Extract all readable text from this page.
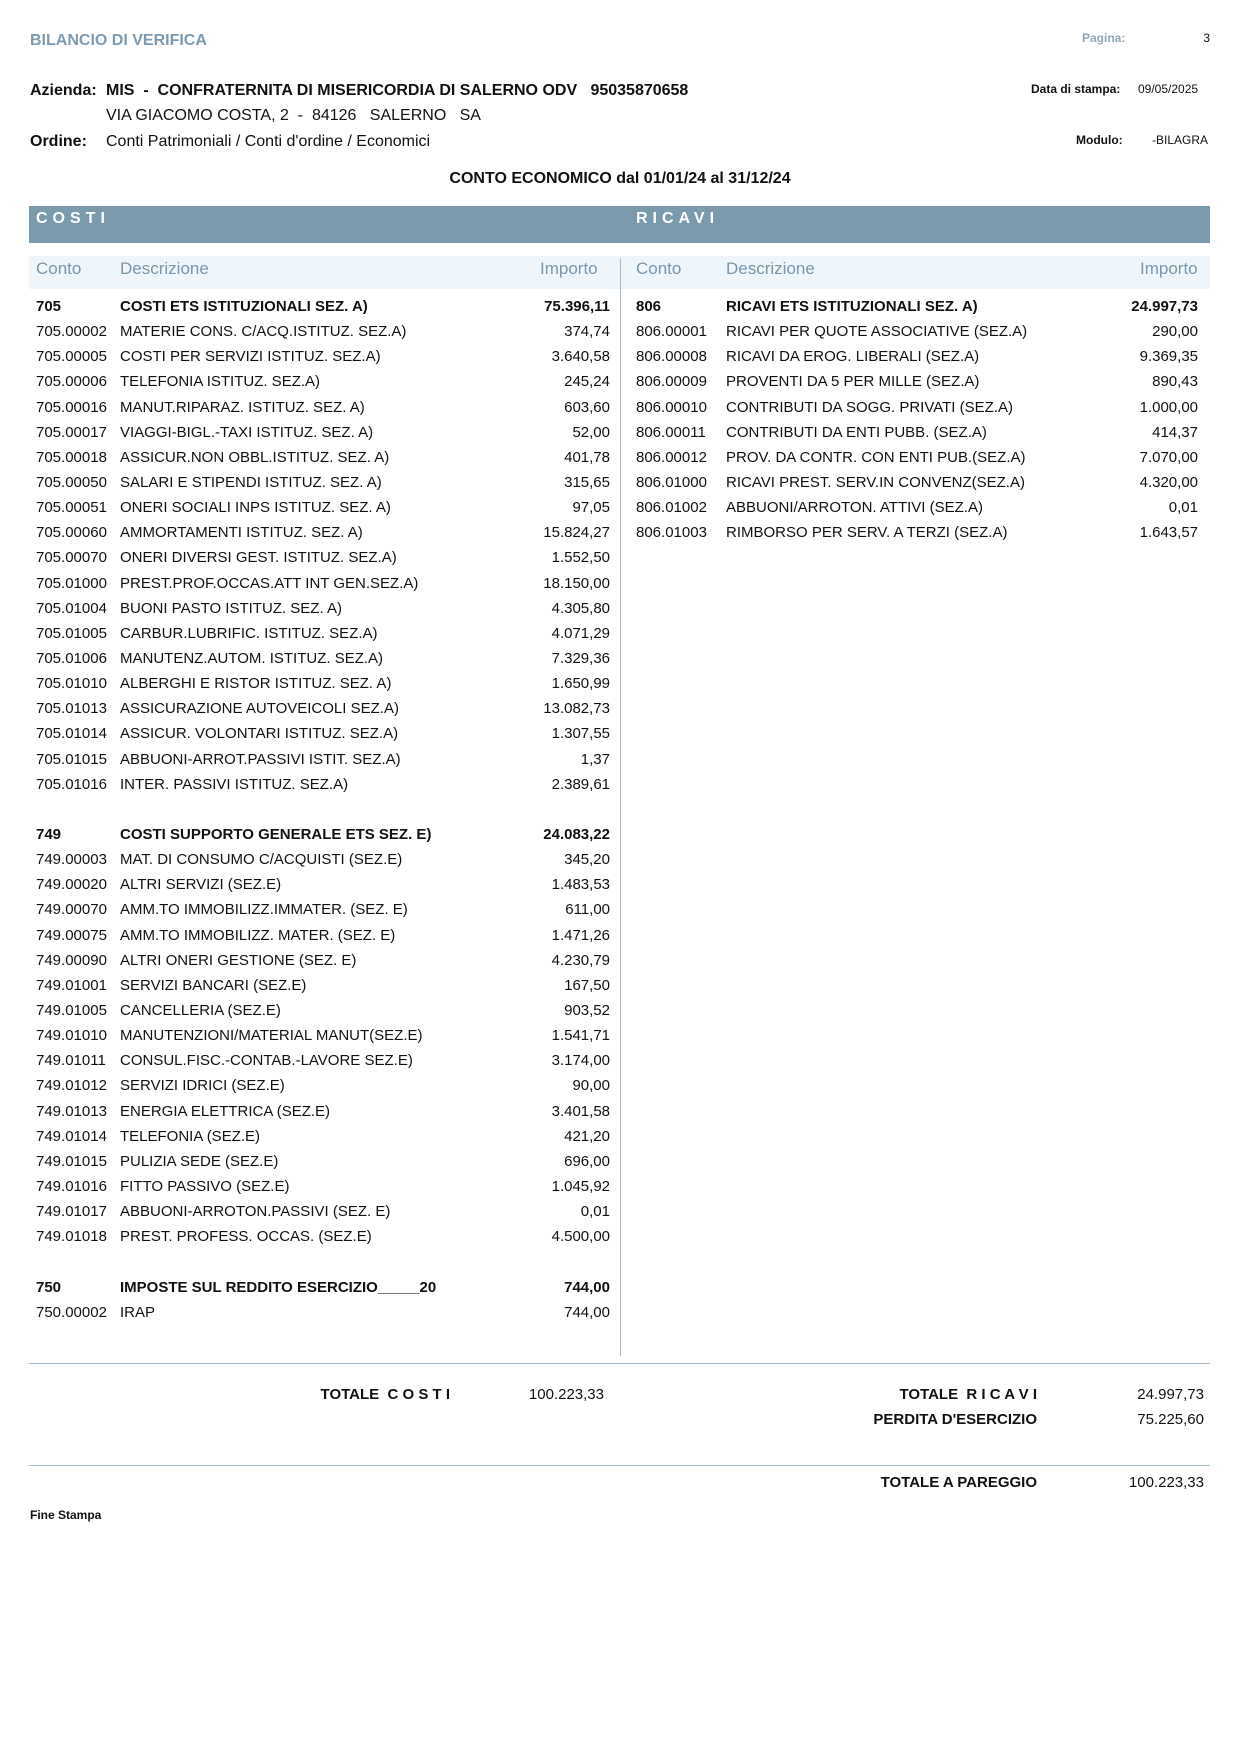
BILANCIO DI VERIFICA	Pagina:	3
Azienda: MIS  -  CONFRATERNITA DI MISERICORDIA DI SALERNO ODV   95035870658
VIA GIACOMO COSTA, 2  -  84126   SALERNO   SA
Ordine: Conti Patrimoniali / Conti d'ordine / Economici
Data di stampa: 09/05/2025
Modulo: -BILAGRA
CONTO ECONOMICO dal 01/01/24 al 31/12/24
COSTI	RICAVI
Conto Descrizione	Importo Conto	Descrizione	Importo
705	COSTI ETS ISTITUZIONALI SEZ. A)	75.396,11
705.00002 MATERIE CONS. C/ACQ.ISTITUZ. SEZ.A)	374,74
705.00005 COSTI PER SERVIZI ISTITUZ. SEZ.A)	3.640,58
705.00006 TELEFONIA ISTITUZ. SEZ.A)	245,24
705.00016 MANUT.RIPARAZ. ISTITUZ. SEZ. A)	603,60
705.00017 VIAGGI-BIGL.-TAXI ISTITUZ. SEZ. A)	52,00
705.00018 ASSICUR.NON OBBL.ISTITUZ. SEZ. A)	401,78
705.00050 SALARI E STIPENDI ISTITUZ. SEZ. A)	315,65
705.00051 ONERI SOCIALI INPS ISTITUZ. SEZ. A)	97,05
705.00060 AMMORTAMENTI ISTITUZ. SEZ. A)	15.824,27
705.00070 ONERI DIVERSI GEST. ISTITUZ. SEZ.A)	1.552,50
705.01000 PREST.PROF.OCCAS.ATT INT GEN.SEZ.A)	18.150,00
705.01004 BUONI PASTO ISTITUZ. SEZ. A)	4.305,80
705.01005 CARBUR.LUBRIFIC. ISTITUZ. SEZ.A)	4.071,29
705.01006 MANUTENZ.AUTOM. ISTITUZ. SEZ.A)	7.329,36
705.01010 ALBERGHI E RISTOR ISTITUZ. SEZ. A)	1.650,99
705.01013 ASSICURAZIONE AUTOVEICOLI SEZ.A)	13.082,73
705.01014 ASSICUR. VOLONTARI ISTITUZ. SEZ.A)	1.307,55
705.01015 ABBUONI-ARROT.PASSIVI ISTIT. SEZ.A)	1,37
705.01016 INTER. PASSIVI ISTITUZ. SEZ.A)	2.389,61
749	COSTI SUPPORTO GENERALE ETS SEZ. E)	24.083,22
749.00003 MAT. DI CONSUMO C/ACQUISTI (SEZ.E)	345,20
749.00020 ALTRI SERVIZI (SEZ.E)	1.483,53
749.00070 AMM.TO IMMOBILIZZ.IMMATER. (SEZ. E)	611,00
749.00075 AMM.TO IMMOBILIZZ. MATER. (SEZ. E)	1.471,26
749.00090 ALTRI ONERI GESTIONE (SEZ. E)	4.230,79
749.01001 SERVIZI BANCARI (SEZ.E)	167,50
749.01005 CANCELLERIA (SEZ.E)	903,52
749.01010 MANUTENZIONI/MATERIAL MANUT(SEZ.E)	1.541,71
749.01011 CONSUL.FISC.-CONTAB.-LAVORE SEZ.E)	3.174,00
749.01012 SERVIZI IDRICI (SEZ.E)	90,00
749.01013 ENERGIA ELETTRICA (SEZ.E)	3.401,58
749.01014 TELEFONIA (SEZ.E)	421,20
749.01015 PULIZIA SEDE (SEZ.E)	696,00
749.01016 FITTO PASSIVO (SEZ.E)	1.045,92
749.01017 ABBUONI-ARROTON.PASSIVI (SEZ. E)	0,01
749.01018 PREST. PROFESS. OCCAS. (SEZ.E)	4.500,00
750	IMPOSTE SUL REDDITO ESERCIZIO_____20	744,00
750.00002 IRAP	744,00
806	RICAVI ETS ISTITUZIONALI SEZ. A)	24.997,73
806.00001	RICAVI PER QUOTE ASSOCIATIVE (SEZ.A)	290,00
806.00008	RICAVI DA EROG. LIBERALI (SEZ.A)	9.369,35
806.00009	PROVENTI DA 5 PER MILLE (SEZ.A)	890,43
806.00010	CONTRIBUTI DA SOGG. PRIVATI (SEZ.A)	1.000,00
806.00011	CONTRIBUTI DA ENTI PUBB. (SEZ.A)	414,37
806.00012	PROV. DA CONTR. CON ENTI PUB.(SEZ.A)	7.070,00
806.01000	RICAVI PREST. SERV.IN CONVENZ(SEZ.A)	4.320,00
806.01002	ABBUONI/ARROTON. ATTIVI (SEZ.A)	0,01
806.01003	RIMBORSO PER SERV. A TERZI (SEZ.A)	1.643,57
TOTALE  C O S T I	100.223,33	TOTALE  R I C A V I	24.997,73
PERDITA D'ESERCIZIO	75.225,60
TOTALE A PAREGGIO	100.223,33
Fine Stampa
